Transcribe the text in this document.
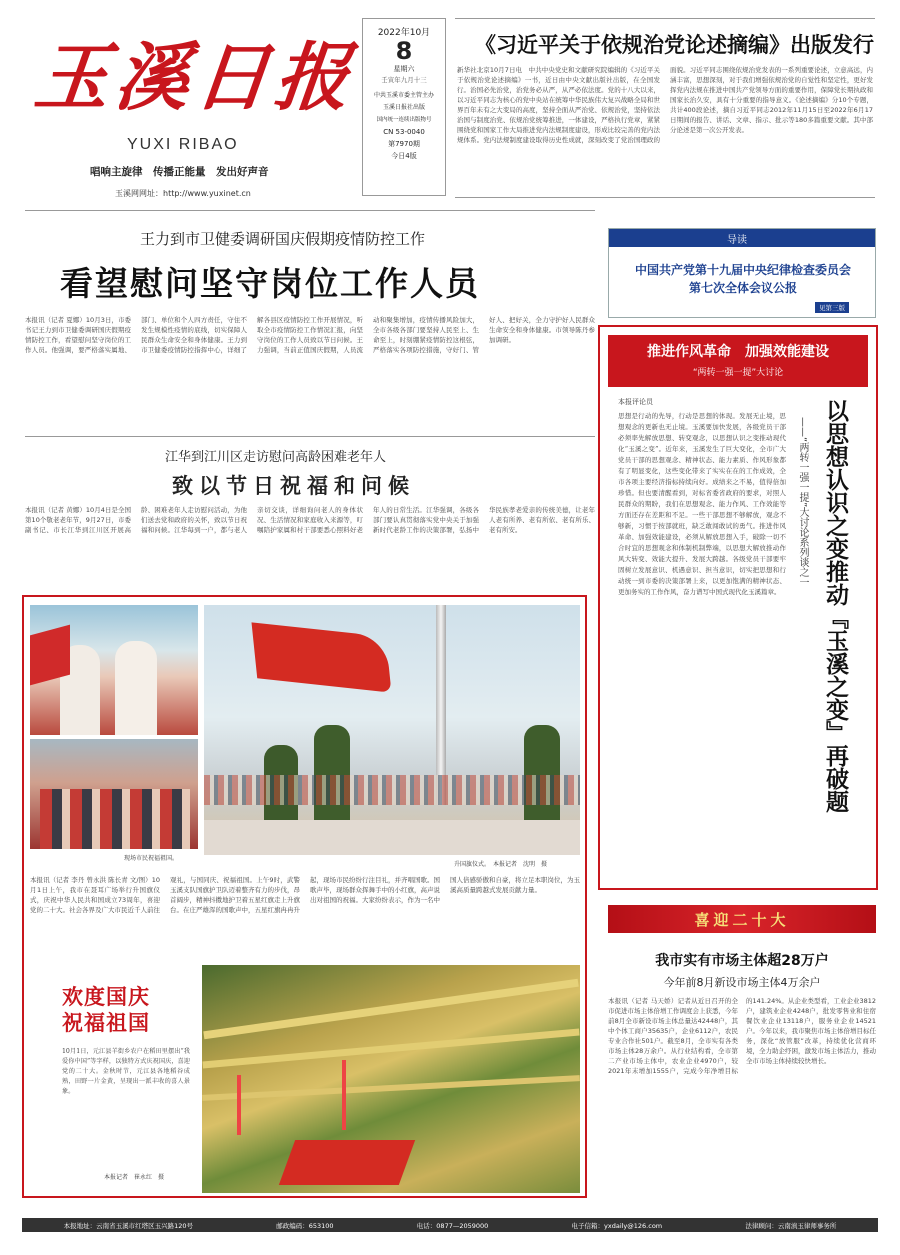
玉溪日报
YUXI RIBAO
唱响主旋律　传播正能量　发出好声音
玉溪网网址：http://www.yuxinet.cn
2022年10月
8
星期六
壬寅年九月十三
中共玉溪市委主管主办
玉溪日报社出版
国内统一连续出版物号
CN 53-0040
第7970期
今日4版
《习近平关于依规治党论述摘编》出版发行
新华社北京10月7日电　中共中央党史和文献研究院编辑的《习近平关于依规治党论述摘编》一书，近日由中央文献出版社出版，在全国发行。治国必先治党，治党务必从严，从严必依法度。党的十八大以来，以习近平同志为核心的党中央站在统筹中华民族伟大复兴战略全局和世界百年未有之大变局的高度，坚持全面从严治党、依规治党，坚持依法治国与制度治党、依规治党统筹推进，一体建设，严格执行党章，紧紧围绕党和国家工作大局推进党内法规制度建设，形成比较完善的党内法规体系。党内法规制度建设取得历史性成就，深刻改变了党治国理政的面貌。习近平同志围绕依规治党发表的一系列重要论述，立意高远，内涵丰富，思想深刻，对于我们增强依规治党的自觉性和坚定性，更好发挥党内法规在推进中国共产党领导方面的重要作用，保障党长期执政和国家长治久安，具有十分重要的指导意义。《论述摘编》分10个专题，共计400段论述，摘自习近平同志2012年11月15日至2022年6月17日期间的报告、讲话、文章、指示、批示等180多篇重要文献。其中部分论述是第一次公开发表。
王力到市卫健委调研国庆假期疫情防控工作
看望慰问坚守岗位工作人员
本报讯（记者 夏娜）10月3日，市委书记王力到市卫健委调研国庆假期疫情防控工作，看望慰问坚守岗位的工作人员。他强调，要严格落实属地、部门、单位和个人四方责任，守住不发生规模性疫情的底线，切实保障人民群众生命安全和身体健康。王力到市卫健委疫情防控指挥中心，详细了解各县区疫情防控工作开展情况，听取全市疫情防控工作情况汇报，向坚守岗位的工作人员致以节日问候。王力强调，当前正值国庆假期，人员流动和聚集增加，疫情传播风险加大，全市各级各部门要坚持人民至上、生命至上，时刻绷紧疫情防控这根弦，严格落实各项防控措施，守好门、管好人、把好关，全力守护好人民群众生命安全和身体健康。市领导陈丹参加调研。
江华到江川区走访慰问高龄困难老年人
致以节日祝福和问候
本报讯（记者 黄娜）10月4日是全国第10个敬老老年节，9月27日，市委副书记、市长江华到江川区开展高龄、困难老年人走访慰问活动，为他们送去党和政府的关怀，致以节日祝福和问候。江华每到一户，都与老人亲切交谈，详细询问老人的身体状况、生活情况和家庭收入来源等，叮嘱陪护家属和村干部要悉心照料好老年人的日常生活。江华强调，各级各部门要认真贯彻落实党中央关于加强新时代老龄工作的决策部署，弘扬中华民族孝老爱亲的传统美德，让老年人老有所养、老有所依、老有所乐、老有所安。
导读
中国共产党第十九届中央纪律检查委员会
第七次全体会议公报
见第三版
推进作风革命　加强效能建设
“两转一强一提”大讨论
本报评论员
思想是行动的先导，行动是思想的体现。发展无止境，思想观念的更新也无止境。玉溪要加快发展，各级党员干部必须率先解放思想、转变观念，以思想认识之变推动现代化“玉溪之变”。近年来，玉溪发生了巨大变化，全市广大党员干部的思想观念、精神状态、能力素质、作风形象都有了明显变化，这些变化带来了实实在在的工作成效，全市各项主要经济指标持续向好。成绩来之不易，值得倍加珍惜。但也要清醒看到，对标省委省政府的要求，对照人民群众的期盼，我们在思想观念、能力作风、工作效能等方面还存在差距和不足。一些干部思想不够解放，观念不够新，习惯于按部就班，缺乏敢闯敢试的勇气。推进作风革命、加强效能建设，必须从解放思想入手，破除一切不合时宜的思想观念和体制机制弊端，以思想大解放推动作风大转变、效能大提升、发展大跨越。各级党员干部要牢固树立发展意识、机遇意识、担当意识，切实把思想和行动统一到市委的决策部署上来，以更加饱满的精神状态、更加务实的工作作风，奋力谱写中国式现代化玉溪篇章。
——“两转一强一提”大讨论系列谈之一 以思想认识之变推动『玉溪之变』再破题
现场市民祝福祖国。
升国旗仪式。　本报记者　沈明　摄
本报讯（记者 李丹 曾永洪 陈长青 文/图）10月1日上午，我市在聂耳广场举行升国旗仪式，庆祝中华人民共和国成立73周年，喜迎党的二十大。社会各界及广大市民近千人前往观礼，与国同庆、祝福祖国。上午9时，武警玉溪支队国旗护卫队迈着整齐有力的步伐，昂首阔步，精神抖擞地护卫着五星红旗走上升旗台。在庄严雄浑的国歌声中，五星红旗冉冉升起，现场市民纷纷行注目礼，并齐唱国歌。国歌声毕，现场群众挥舞手中的小红旗，高声说出对祖国的祝福。大家纷纷表示，作为一名中国人倍感骄傲和自豪，将立足本职岗位，为玉溪高质量跨越式发展贡献力量。
欢度国庆
祝福祖国
10月1日，元江县羊街乡农户在稻田里摆出“我爱你中国”等字样，以独特方式庆祝国庆，喜迎党的二十大。金秋时节，元江县各地稻谷成熟，田野一片金黄，呈现出一派丰收的喜人景象。
本报记者　崔永红　摄
喜迎二十大
我市实有市场主体超28万户
今年前8月新设市场主体4万余户
本报讯（记者 马天娇）记者从近日召开的全市促进市场主体倍增工作调度会上获悉，今年前8月全市新设市场主体总量达42448户，其中个体工商户35635户，企业6112户，农民专业合作社501户。截至8月，全市实有各类市场主体28万余户。从行业结构看，全市第二产业市场主体中，农业企业4970户，较2021年末增加1555户，完成今年净增目标的141.24%。从企业类型看，工业企业3812户，建筑业企业4248户，批发零售业和住宿餐饮业企业13118户，服务业企业14521户。今年以来，我市聚焦市场主体倍增目标任务，深化“放管服”改革，持续优化营商环境，全力助企纾困，激发市场主体活力，推动全市市场主体持续较快增长。
本报地址：云南省玉溪市红塔区玉兴路120号	邮政编码：653100	电话：0877—2059000	电子信箱：yxdaily@126.com	法律顾问：云南滇玉律师事务所
